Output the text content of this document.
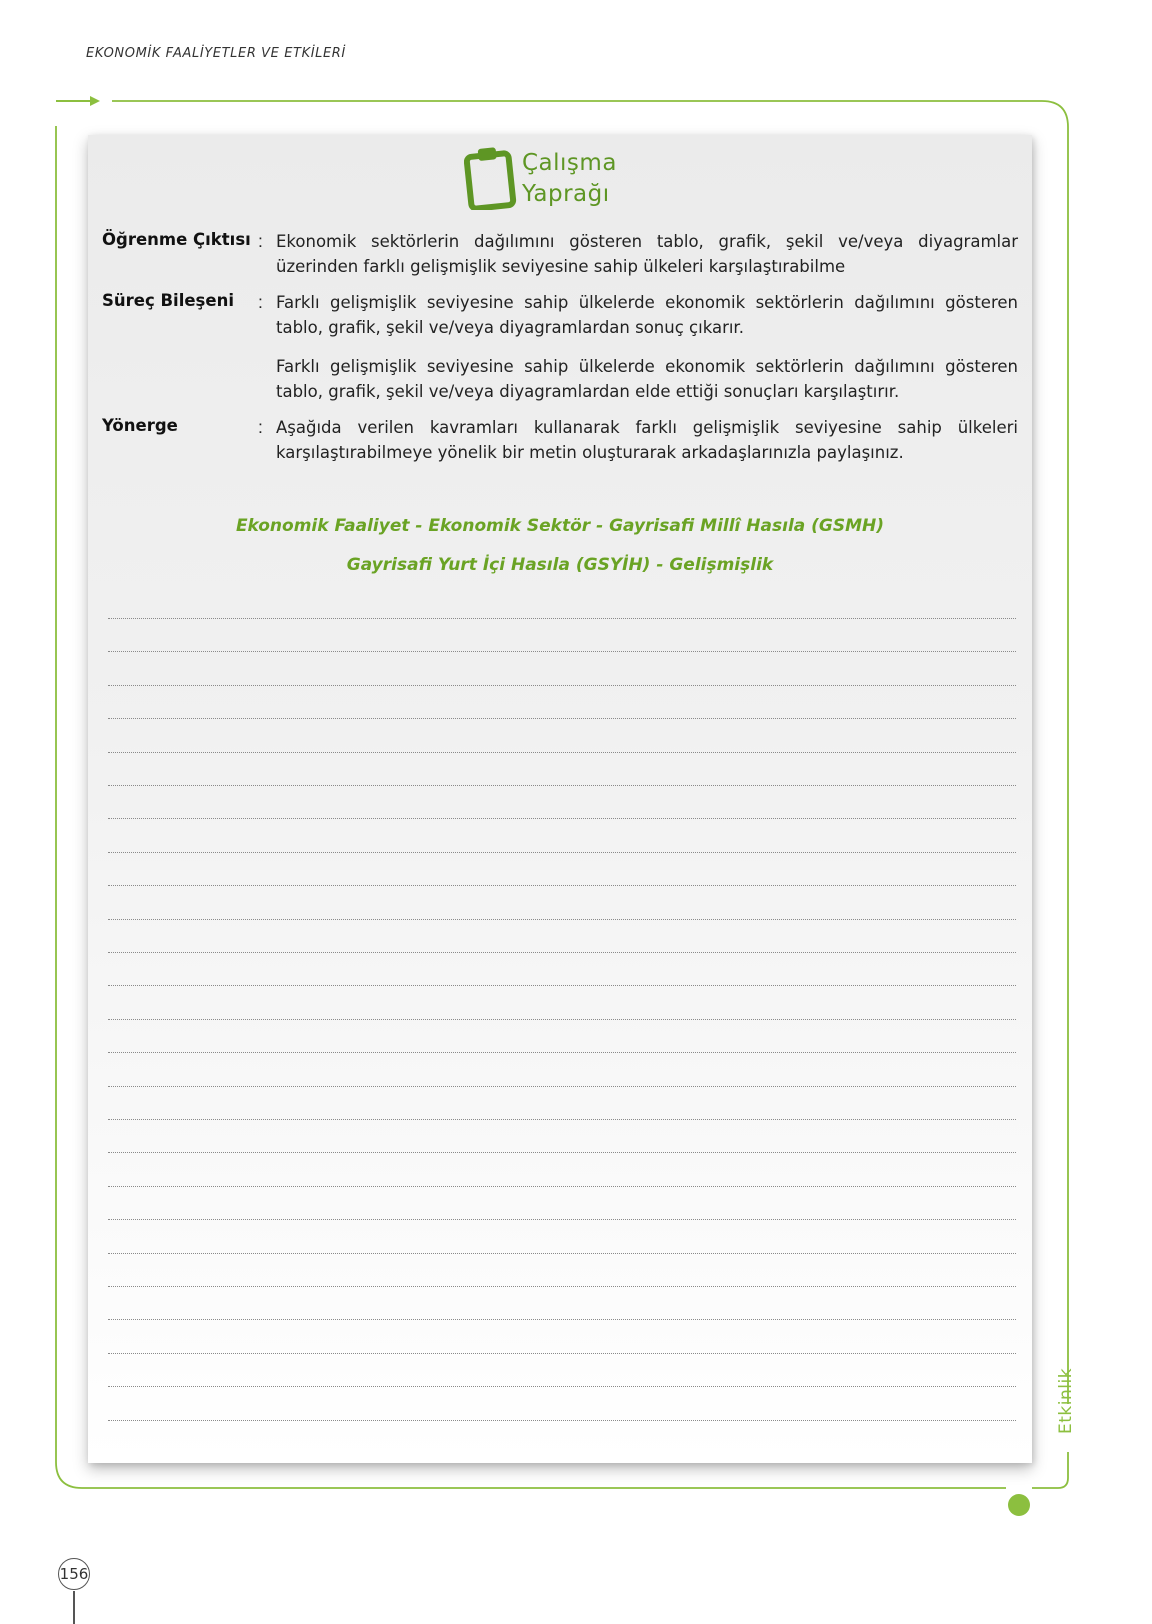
EKONOMİK FAALİYETLER VE ETKİLERİ
Çalışma
Yaprağı
Öğrenme Çıktısı : Ekonomik sektörlerin dağılımını gösteren tablo, grafik, şekil ve/veya diyagramlar üzerinden farklı gelişmişlik seviyesine sahip ülkeleri karşılaştırabilme
Süreç Bileşeni : Farklı gelişmişlik seviyesine sahip ülkelerde ekonomik sektörlerin dağılımını gösteren tablo, grafik, şekil ve/veya diyagramlardan sonuç çıkarır.
Farklı gelişmişlik seviyesine sahip ülkelerde ekonomik sektörlerin dağılımını gösteren tablo, grafik, şekil ve/veya diyagramlardan elde ettiği sonuçları karşılaştırır.
Yönerge	: Aşağıda verilen kavramları kullanarak farklı gelişmişlik seviyesine sahip ülkeleri karşılaştırabilmeye yönelik bir metin oluşturarak arkadaşlarınızla paylaşınız.
Ekonomik Faaliyet - Ekonomik Sektör - Gayrisafi Millî Hasıla (GSMH)
Gayrisafi Yurt İçi Hasıla (GSYİH) - Gelişmişlik
Etkinlik
156
